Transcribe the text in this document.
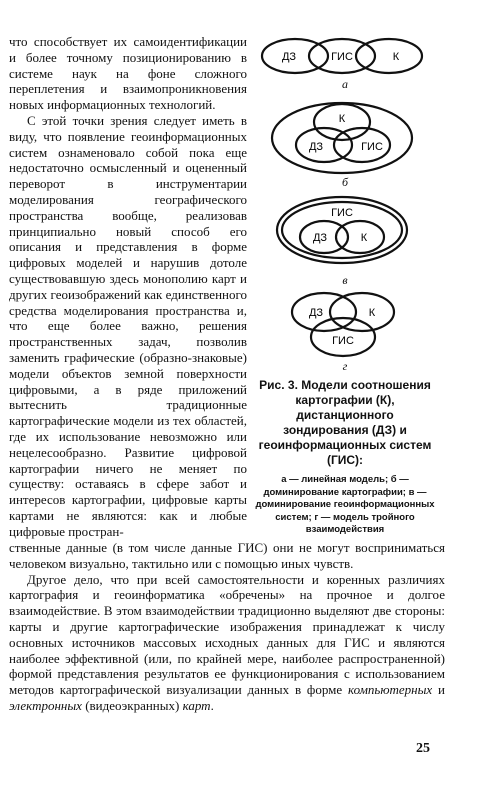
что способствует их самоидентификации и более точному позиционированию в системе наук на фоне сложного переплетения и взаимопроникновения новых информационных технологий.

С этой точки зрения следует иметь в виду, что появление геоинформационных систем ознаменовало собой пока еще недостаточно осмысленный и оцененный переворот в инструментарии моделирования географического пространства вообще, реализовав принципиально новый способ его описания и представления в форме цифровых моделей и нарушив дотоле существовавшую здесь монополию карт и других геоизображений как единственного средства моделирования пространства и, что еще более важно, решения пространственных задач, позволив заменить графические (образно-знаковые) модели объектов земной поверхности цифровыми, а в ряде приложений вытеснить традиционные картографические модели из тех областей, где их использование невозможно или нецелесообразно. Развитие цифровой картографии ничего не меняет по существу: оставаясь в сфере забот и интересов картографии, цифровые карты картами не являются: как и любые цифровые простран-

ДЗ	ГИС	К
а
К
ДЗ	ГИС
б
ГИС
ДЗ	К
в
ДЗ	К
ГИС
г
Рис. 3. Модели соотношения картографии (К), дистанционного зондирования (ДЗ) и геоинформационных систем (ГИС):
а — линейная модель; б — доминирование картографии; в — доминирование геоинформационных систем; г — модель тройного взаимодействия

ственные данные (в том числе данные ГИС) они не могут восприниматься человеком визуально, тактильно или с помощью иных чувств.

Другое дело, что при всей самостоятельности и коренных различиях картография и геоинформатика «обречены» на прочное и долгое взаимодействие. В этом взаимодействии традиционно выделяют две стороны: карты и другие картографические изображения принадлежат к числу основных источников массовых исходных данных для ГИС и являются наиболее эффективной (или, по крайней мере, наиболее распространенной) формой представления результатов ее функционирования с использованием методов картографической визуализации данных в форме компьютерных и электронных (видеоэкранных) карт.

25
